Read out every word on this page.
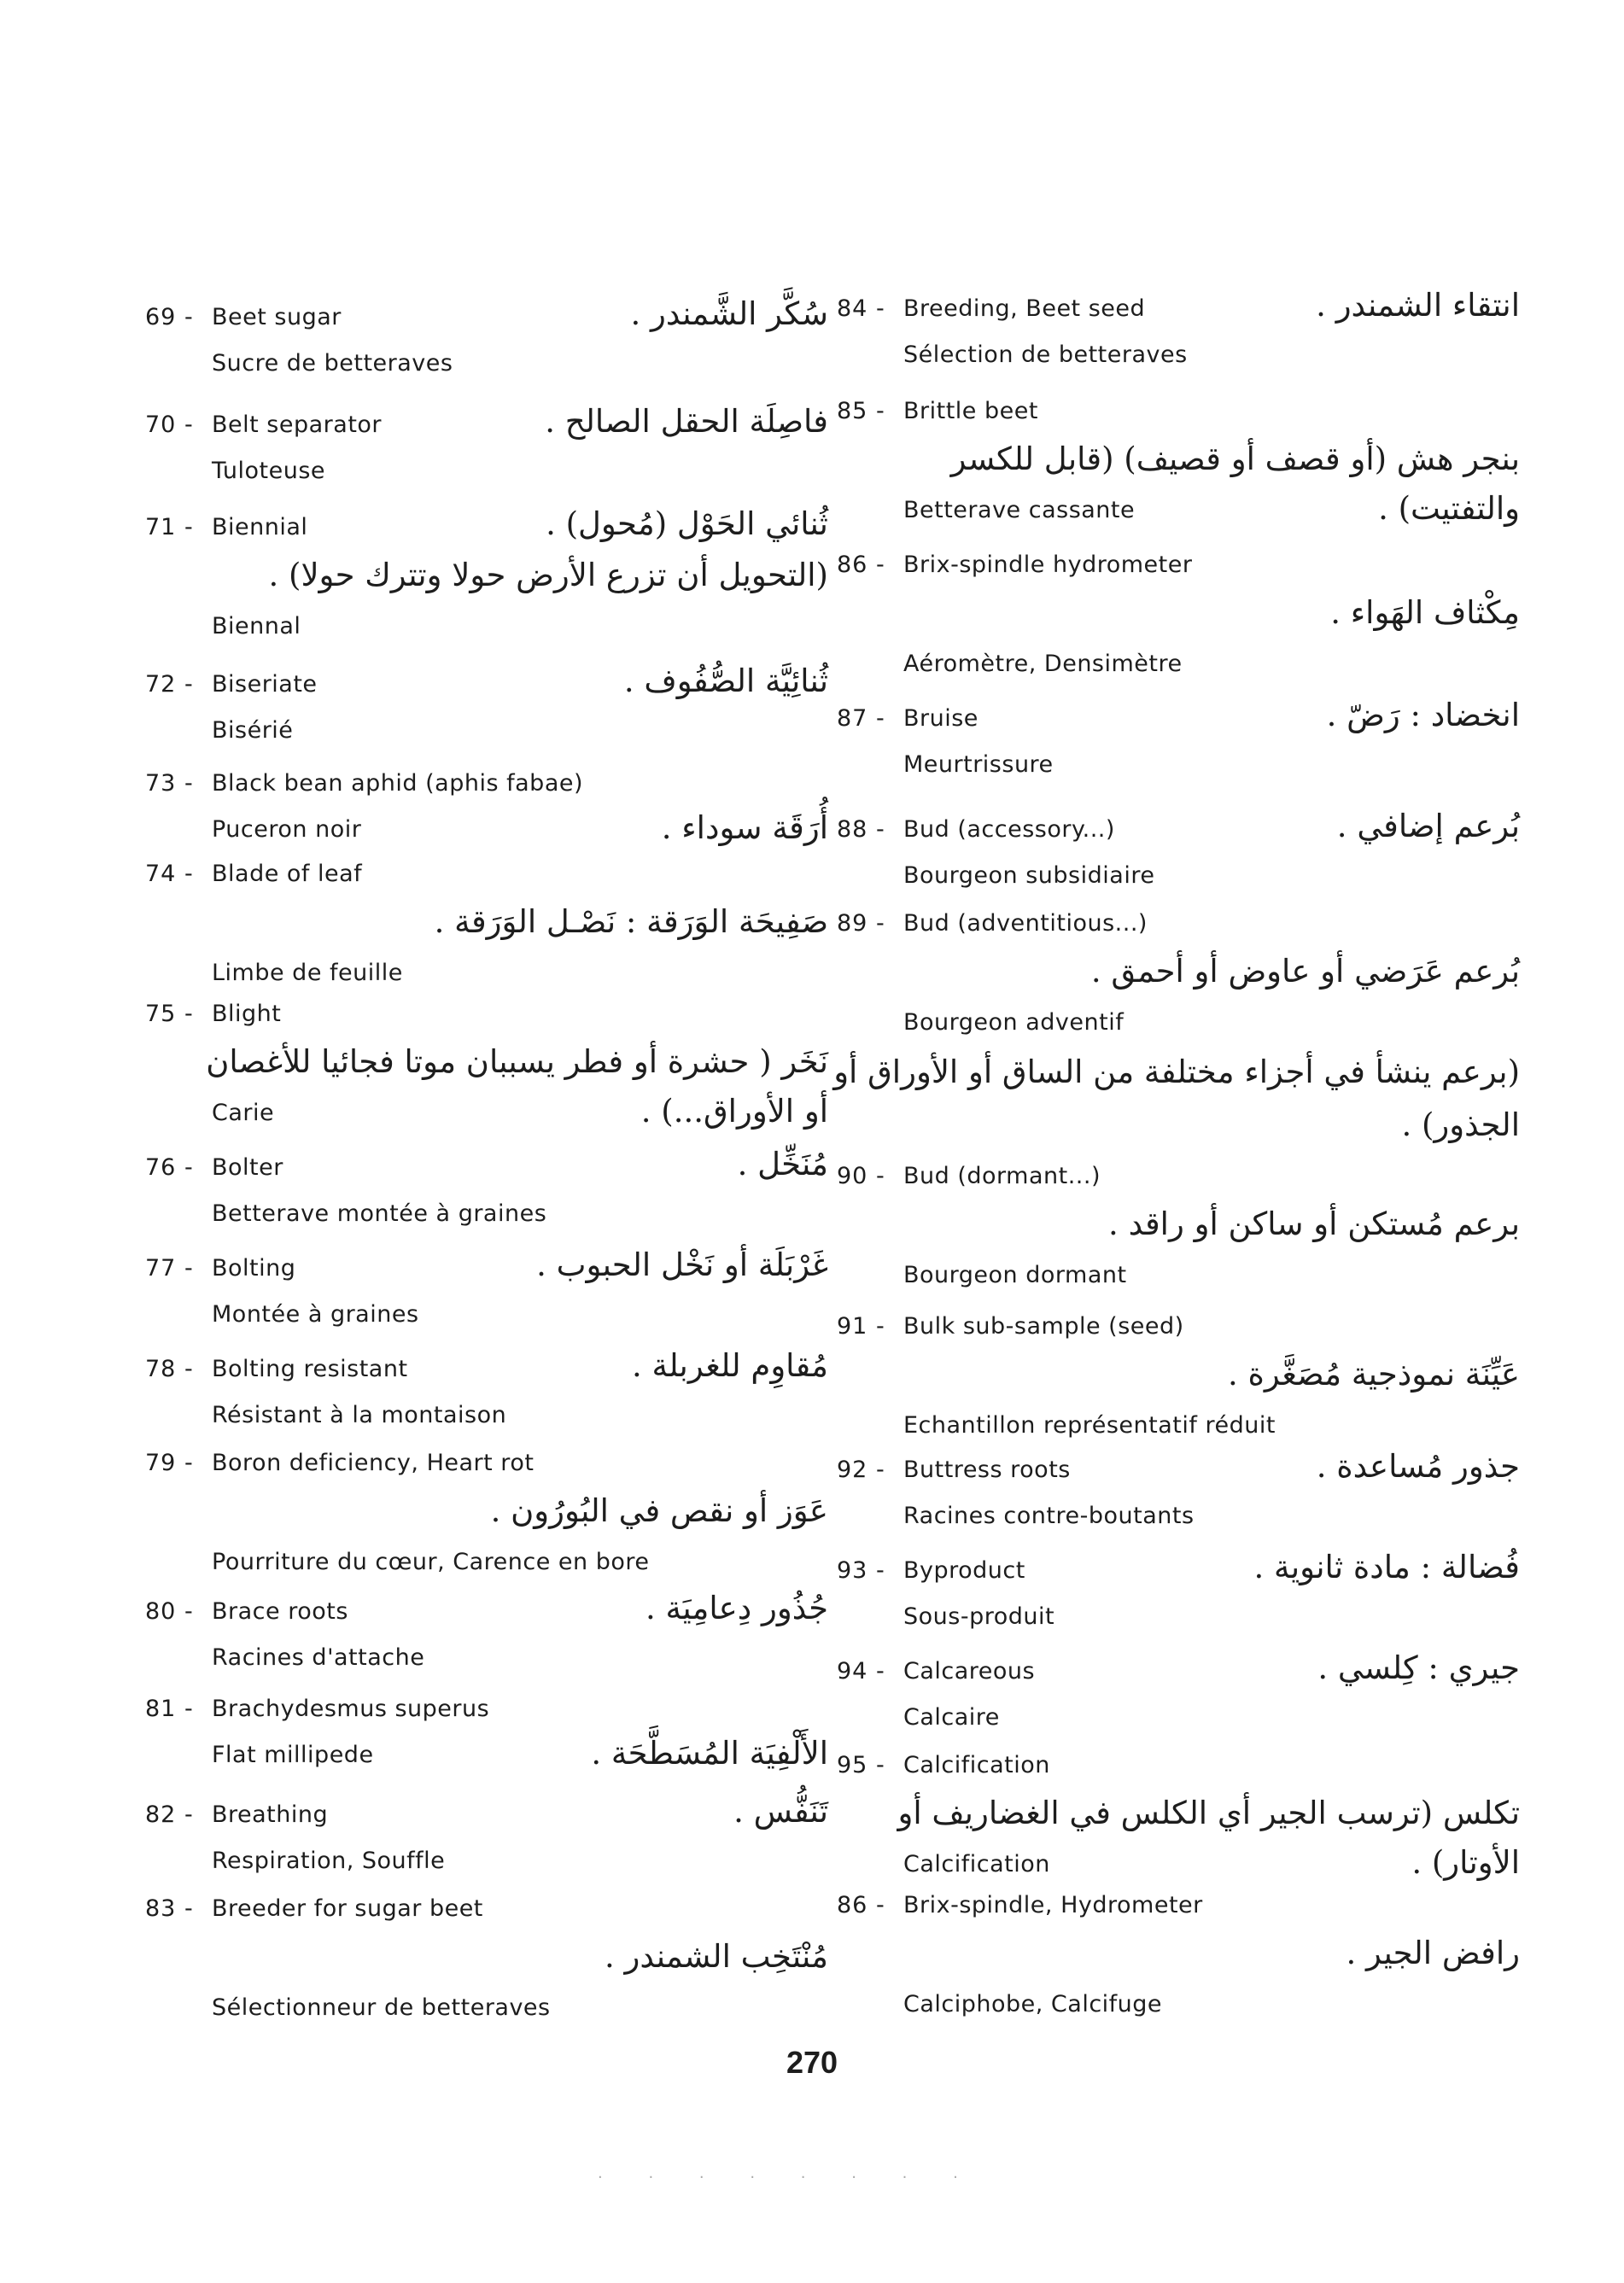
69 - Beet sugar	سُكَّر الشَّمندر .
Sucre de betteraves
70 - Belt separator	فاصِلَة الحقل الصالح .
Tuloteuse
71 - Biennial	ثُنائي الحَوْل (مُحول) .
(التحويل أن تزرع الأرض حولا وتترك حولا) .
Biennal
72 - Biseriate	ثُنائِيَّة الصُّفُوف .
Bisérié
73 - Black bean aphid (aphis fabae)
Puceron noir	أُرَقَة سوداء .
74 - Blade of leaf
صَفِيحَة الوَرَقة : نَصْـل الوَرَقة .
Limbe de feuille
75 - Blight
نَخَر ( حشرة أو فطر يسببان موتا فجائيا للأغصان
Carie	أو الأوراق...) .
76 - Bolter	مُنَخِّل .
Betterave montée à graines
77 - Bolting	غَرْبَلَة أو نَخْل الحبوب .
Montée à graines
78 - Bolting resistant	مُقاوِم للغربلة .
Résistant à la montaison
79 - Boron deficiency, Heart rot
عَوَز أو نقص في البُورُون .
Pourriture du cœur, Carence en bore
80 - Brace roots	جُذُور دِعامِيَة .
Racines d'attache
81 - Brachydesmus superus
Flat millipede	الأَلْفِيَة المُسَطَّحَة .
82 - Breathing	تَنَفُّس .
Respiration, Souffle
83 - Breeder for sugar beet
مُنْتَخِب الشمندر .
Sélectionneur de betteraves
84 - Breeding, Beet seed	انتقاء الشمندر .
Sélection de betteraves
85 - Brittle beet
بنجر هش (أو قصف أو قصيف) (قابل للكسر
Betterave cassante	والتفتيت) .
86 - Brix-spindle hydrometer
مِكْثاف الهَواء .
Aéromètre, Densimètre
87 - Bruise	انخضاد : رَضّ .
Meurtrissure
88 - Bud (accessory...)	بُرعم إضافي .
Bourgeon subsidiaire
89 - Bud (adventitious...)
بُرعم عَرَضي أو عاوض أو أحمق .
Bourgeon adventif
(برعم ينشأ في أجزاء مختلفة من الساق أو الأوراق أو
الجذور) .
90 - Bud (dormant...)
برعم مُستكن أو ساكن أو راقد .
Bourgeon dormant
91 - Bulk sub-sample (seed)
عَيِّنَة نموذجية مُصَغَّرة .
Echantillon représentatif réduit
92 - Buttress roots	جذور مُساعدة .
Racines contre-boutants
93 - Byproduct	فُضالة : مادة ثانوية .
Sous-produit
94 - Calcareous	جيري : كِلسي .
Calcaire
95 - Calcification
تكلس (ترسب الجير أي الكلس في الغضاريف أو
Calcification	الأوتار) .
86 - Brix-spindle, Hydrometer
رافض الجير .
Calciphobe, Calcifuge
270
· · · · · · · ·
